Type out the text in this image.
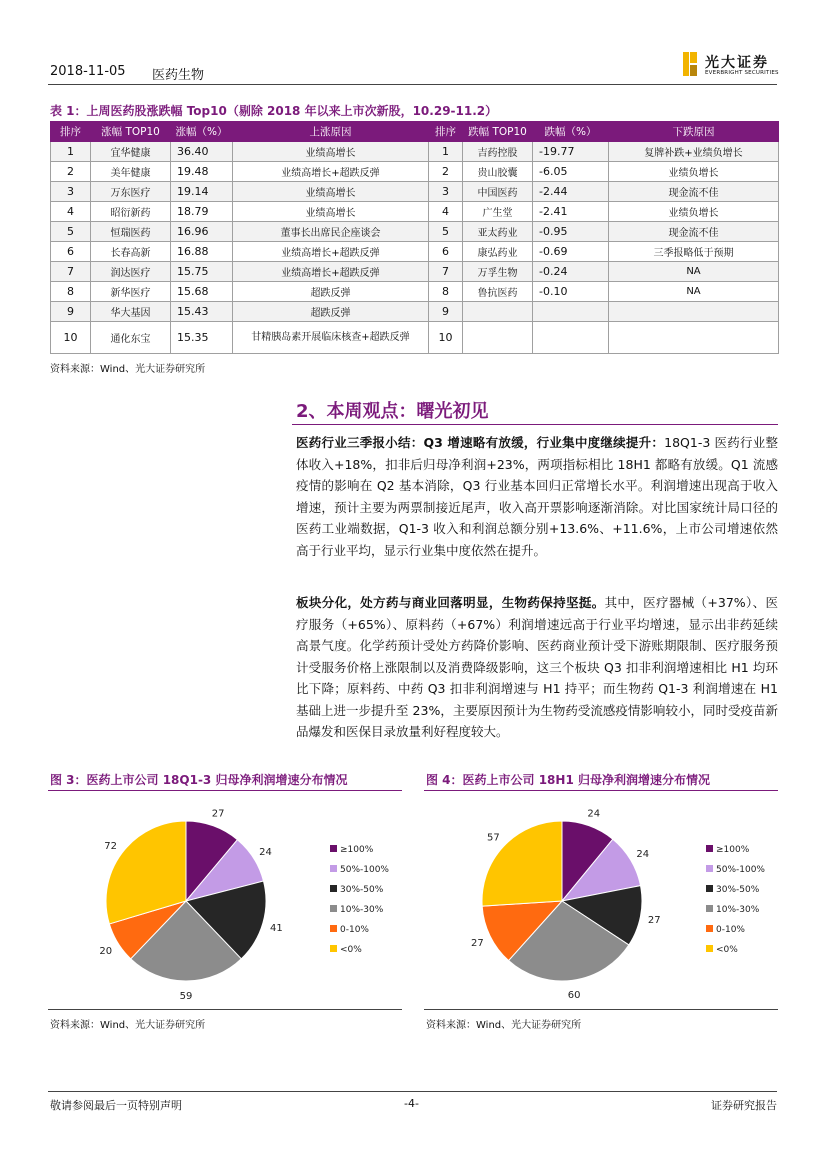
2018-11-05 医药生物
光大证券
EVERBRIGHT SECURITIES
表 1：上周医药股涨跌幅 Top10（剔除 2018 年以来上市次新股，10.29-11.2）
排序	涨幅 TOP10	涨幅（%）	上涨原因	排序	跌幅 TOP10	跌幅（%）	下跌原因
1	宜华健康	36.40	业绩高增长	1	吉药控股	-19.77	复牌补跌+业绩负增长
2	美年健康	19.48	业绩高增长+超跌反弹	2	贵山胶囊	-6.05	业绩负增长
3	万东医疗	19.14	业绩高增长	3	中国医药	-2.44	现金流不佳
4	昭衍新药	18.79	业绩高增长	4	广生堂	-2.41	业绩负增长
5	恒瑞医药	16.96	董事长出席民企座谈会	5	亚太药业	-0.95	现金流不佳
6	长春高新	16.88	业绩高增长+超跌反弹	6	康弘药业	-0.69	三季报略低于预期
7	润达医疗	15.75	业绩高增长+超跌反弹	7	万孚生物	-0.24	NA
8	新华医疗	15.68	超跌反弹	8	鲁抗医药	-0.10	NA
9	华大基因	15.43	超跌反弹	9			
10	通化东宝	15.35	甘精胰岛素开展临床核查+超跌反弹	10			
资料来源：Wind、光大证券研究所
2、本周观点：曙光初见
医药行业三季报小结：Q3 增速略有放缓，行业集中度继续提升：18Q1-3 医药行业整体收入+18%，扣非后归母净利润+23%，两项指标相比 18H1 都略有放缓。Q1 流感疫情的影响在 Q2 基本消除，Q3 行业基本回归正常增长水平。利润增速出现高于收入增速，预计主要为两票制接近尾声，收入高开票影响逐渐消除。对比国家统计局口径的医药工业端数据，Q1-3 收入和利润总额分别+13.6%、+11.6%，上市公司增速依然高于行业平均，显示行业集中度依然在提升。
板块分化，处方药与商业回落明显，生物药保持坚挺。其中，医疗器械（+37%）、医疗服务（+65%）、原料药（+67%）利润增速远高于行业平均增速，显示出非药延续高景气度。化学药预计受处方药降价影响、医药商业预计受下游账期限制、医疗服务预计受服务价格上涨限制以及消费降级影响，这三个板块 Q3 扣非利润增速相比 H1 均环比下降；原料药、中药 Q3 扣非利润增速与 H1 持平；而生物药 Q1-3 利润增速在 H1 基础上进一步提升至 23%，主要原因预计为生物药受流感疫情影响较小，同时受疫苗新品爆发和医保目录放量利好程度较大。
图 3：医药上市公司 18Q1-3 归母净利润增速分布情况
27
24
41
59
20
72	≥100%
50%-100%
30%-50%
10%-30%
0-10%
<0%
资料来源：Wind、光大证券研究所
图 4：医药上市公司 18H1 归母净利润增速分布情况
24
24
27
60
27
57
≥100%
50%-100%
30%-50%
10%-30%
0-10%
<0%
资料来源：Wind、光大证券研究所
敬请参阅最后一页特别声明	-4-	证券研究报告
